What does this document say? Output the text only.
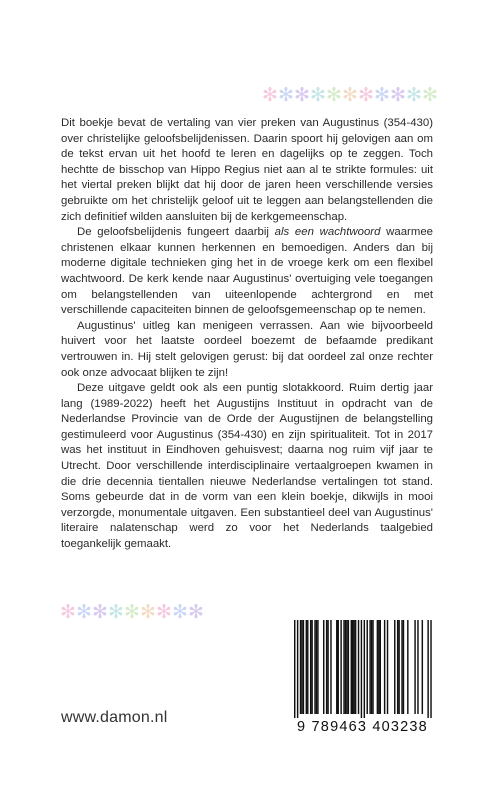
✻ ✻ ✻ ✻ ✻ ✻ ✻ ✻ ✻ ✻ ✻

Dit boekje bevat de vertaling van vier preken van Augustinus (354-430) over christelijke geloofsbelijdenissen. Daarin spoort hij gelovigen aan om de tekst ervan uit het hoofd te leren en dagelijks op te zeggen. Toch hechtte de bisschop van Hippo Regius niet aan al te strikte formules: uit het viertal preken blijkt dat hij door de jaren heen verschillende versies gebruikte om het christelijk geloof uit te leggen aan belangstellenden die zich definitief wilden aansluiten bij de kerkgemeenschap.

De geloofsbelijdenis fungeert daarbij als een wachtwoord waarmee christenen elkaar kunnen herkennen en bemoedigen. Anders dan bij moderne digitale technieken ging het in de vroege kerk om een flexibel wachtwoord. De kerk kende naar Augustinus' overtuiging vele toegangen om belangstellenden van uiteenlopende achtergrond en met verschillende capaciteiten binnen de geloofsgemeenschap op te nemen.

Augustinus' uitleg kan menigeen verrassen. Aan wie bijvoorbeeld huivert voor het laatste oordeel boezemt de befaamde predikant vertrouwen in. Hij stelt gelovigen gerust: bij dat oordeel zal onze rechter ook onze advocaat blijken te zijn!

Deze uitgave geldt ook als een puntig slotakkoord. Ruim dertig jaar lang (1989-2022) heeft het Augustijns Instituut in opdracht van de Nederlandse Provincie van de Orde der Augustijnen de belangstelling gestimuleerd voor Augustinus (354-430) en zijn spiritualiteit. Tot in 2017 was het instituut in Eindhoven gehuisvest; daarna nog ruim vijf jaar te Utrecht. Door verschillende interdisciplinaire vertaalgroepen kwamen in die drie decennia tientallen nieuwe Nederlandse vertalingen tot stand. Soms gebeurde dat in de vorm van een klein boekje, dikwijls in mooi verzorgde, monumentale uitgaven. Een substantieel deel van Augustinus' literaire nalatenschap werd zo voor het Nederlands taalgebied toegankelijk gemaakt.

✻ ✻ ✻ ✻ ✻ ✻ ✻ ✻ ✻
www.damon.nl
9 789463 403238
